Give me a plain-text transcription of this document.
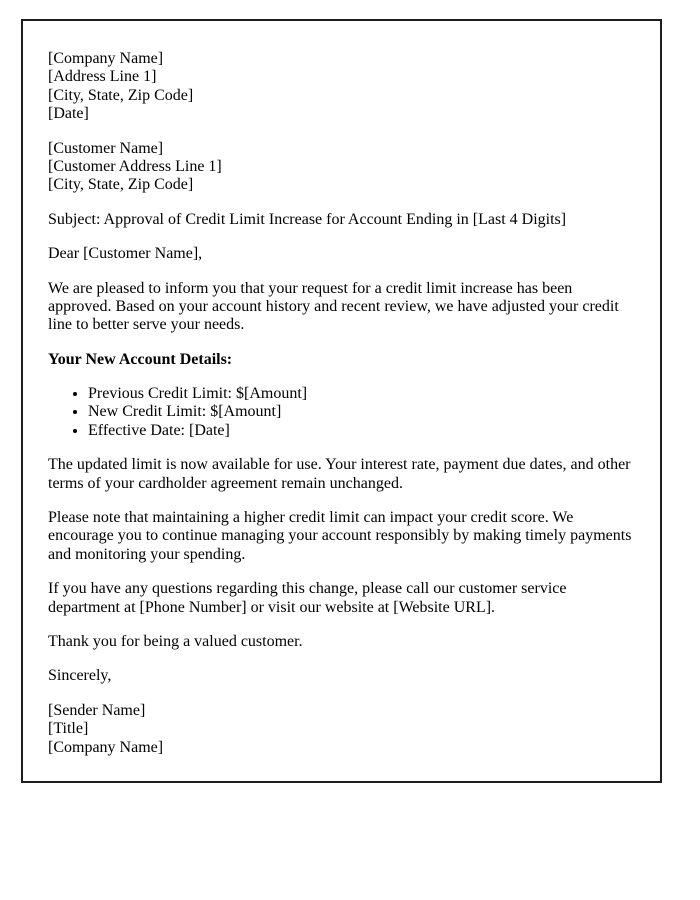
[Company Name]
[Address Line 1]
[City, State, Zip Code]
[Date]

[Customer Name]
[Customer Address Line 1]
[City, State, Zip Code]

Subject: Approval of Credit Limit Increase for Account Ending in [Last 4 Digits]

Dear [Customer Name],

We are pleased to inform you that your request for a credit limit increase has been approved. Based on your account history and recent review, we have adjusted your credit line to better serve your needs.

Your New Account Details:

• Previous Credit Limit: $[Amount]
• New Credit Limit: $[Amount]
• Effective Date: [Date]

The updated limit is now available for use. Your interest rate, payment due dates, and other terms of your cardholder agreement remain unchanged.

Please note that maintaining a higher credit limit can impact your credit score. We encourage you to continue managing your account responsibly by making timely payments and monitoring your spending.

If you have any questions regarding this change, please call our customer service department at [Phone Number] or visit our website at [Website URL].

Thank you for being a valued customer.

Sincerely,

[Sender Name]
[Title]
[Company Name]
